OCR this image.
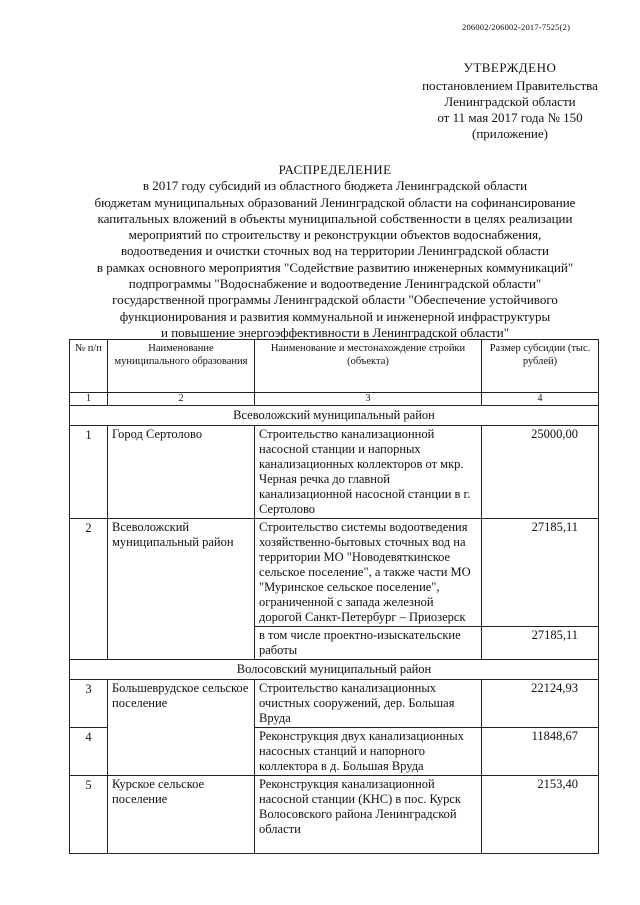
206002/206002-2017-7525(2)
УТВЕРЖДЕНО
постановлением Правительства
Ленинградской области
от 11 мая 2017 года № 150
(приложение)
РАСПРЕДЕЛЕНИЕ
в 2017 году субсидий из областного бюджета Ленинградской области
бюджетам муниципальных образований Ленинградской области на софинансирование
капитальных вложений в объекты муниципальной собственности в целях реализации
мероприятий по строительству и реконструкции объектов водоснабжения,
водоотведения и очистки сточных вод на территории Ленинградской области
в рамках основного мероприятия "Содействие развитию инженерных коммуникаций"
подпрограммы "Водоснабжение и водоотведение Ленинградской области"
государственной программы Ленинградской области "Обеспечение устойчивого
функционирования и развития коммунальной и инженерной инфраструктуры
и повышение энергоэффективности в Ленинградской области"
№ п/п	Наименование муниципального образования	Наименование и местонахождение стройки (объекта)	Размер субсидии (тыс. рублей)
1	2	3	4
Всеволожский муниципальный район			
1	Город Сертолово	Строительство канализационной насосной станции и напорных канализационных коллекторов от мкр. Черная речка до главной канализационной насосной станции в г. Сертолово	25000,00
2	Всеволожский муниципальный район	Строительство системы водоотведения хозяйственно-бытовых сточных вод на территории МО "Новодевяткинское сельское поселение", а также части МО "Муринское сельское поселение", ограниченной с запада железной дорогой Санкт-Петербург – Приозерск	27185,11
		в том числе проектно-изыскательские работы	27185,11
Волосовский муниципальный район			
3	Большеврудское сельское поселение	Строительство канализационных очистных сооружений, дер. Большая Вруда	22124,93
4		Реконструкция двух канализационных насосных станций и напорного коллектора в д. Большая Вруда	11848,67
5	Курское сельское поселение	Реконструкция канализационной насосной станции (КНС) в пос. Курск Волосовского района Ленинградской области	2153,40
